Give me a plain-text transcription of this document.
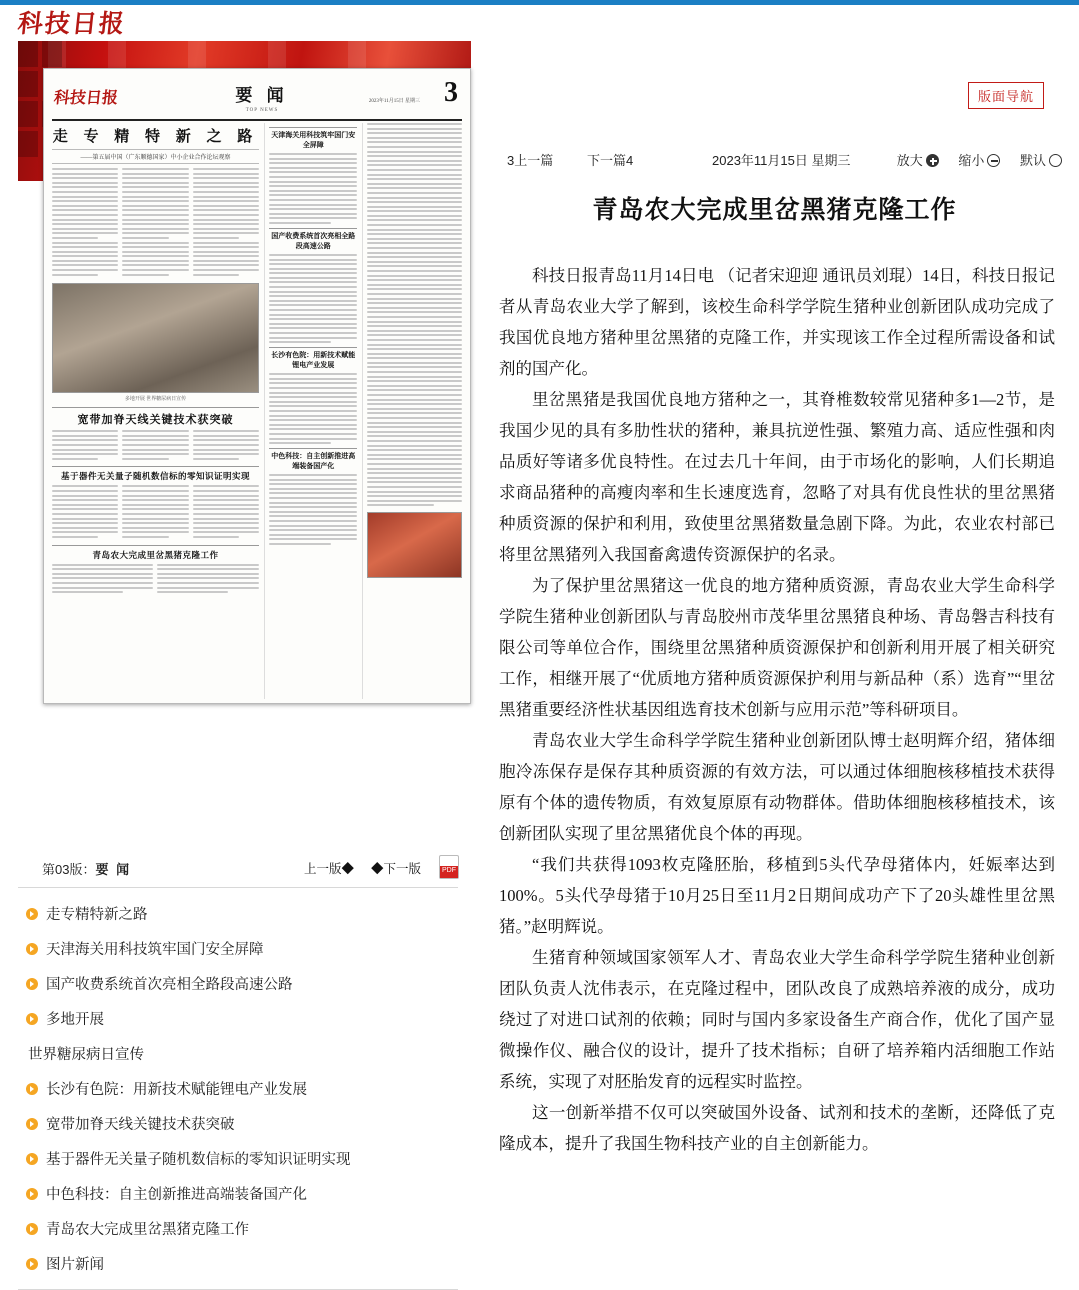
科技日报
科技日报	要 闻
TOP NEWS
2023年11月15日 星期三 3
走 专 精 特 新 之 路
——第五届中国（广东顺德国家）中小企业合作论坛观察
多地开展 世界糖尿病日宣传
宽带加脊天线关键技术获突破
基于器件无关量子随机数信标的零知识证明实现
青岛农大完成里岔黑猪克隆工作
天津海关用科技筑牢国门安全屏障
国产收费系统首次亮相全路段高速公路
长沙有色院：用新技术赋能锂电产业发展
中色科技：自主创新推进高端装备国产化
第03版：要 闻	上一版◆ ◆下一版
PDF
走专精特新之路
天津海关用科技筑牢国门安全屏障
国产收费系统首次亮相全路段高速公路
多地开展
世界糖尿病日宣传
长沙有色院：用新技术赋能锂电产业发展
宽带加脊天线关键技术获突破
基于器件无关量子随机数信标的零知识证明实现
中色科技：自主创新推进高端装备国产化
青岛农大完成里岔黑猪克隆工作
图片新闻
版面导航
3上一篇	下一篇4	2023年11月15日 星期三	放大	缩小	默认
青岛农大完成里岔黑猪克隆工作

科技日报青岛11月14日电 （记者宋迎迎 通讯员刘琨）14日，科技日报记者从青岛农业大学了解到，该校生命科学学院生猪种业创新团队成功完成了我国优良地方猪种里岔黑猪的克隆工作，并实现该工作全过程所需设备和试剂的国产化。

里岔黑猪是我国优良地方猪种之一，其脊椎数较常见猪种多1—2节，是我国少见的具有多肋性状的猪种，兼具抗逆性强、繁殖力高、适应性强和肉品质好等诸多优良特性。在过去几十年间，由于市场化的影响，人们长期追求商品猪种的高瘦肉率和生长速度选育，忽略了对具有优良性状的里岔黑猪种质资源的保护和利用，致使里岔黑猪数量急剧下降。为此，农业农村部已将里岔黑猪列入我国畜禽遗传资源保护的名录。

为了保护里岔黑猪这一优良的地方猪种质资源，青岛农业大学生命科学学院生猪种业创新团队与青岛胶州市茂华里岔黑猪良种场、青岛磐吉科技有限公司等单位合作，围绕里岔黑猪种质资源保护和创新利用开展了相关研究工作，相继开展了“优质地方猪种质资源保护利用与新品种（系）选育”“里岔黑猪重要经济性状基因组选育技术创新与应用示范”等科研项目。

青岛农业大学生命科学学院生猪种业创新团队博士赵明辉介绍，猪体细胞冷冻保存是保存其种质资源的有效方法，可以通过体细胞核移植技术获得原有个体的遗传物质，有效复原原有动物群体。借助体细胞核移植技术，该创新团队实现了里岔黑猪优良个体的再现。

“我们共获得1093枚克隆胚胎，移植到5头代孕母猪体内，妊娠率达到100%。5头代孕母猪于10月25日至11月2日期间成功产下了20头雄性里岔黑猪。”赵明辉说。

生猪育种领域国家领军人才、青岛农业大学生命科学学院生猪种业创新团队负责人沈伟表示，在克隆过程中，团队改良了成熟培养液的成分，成功绕过了对进口试剂的依赖；同时与国内多家设备生产商合作，优化了国产显微操作仪、融合仪的设计，提升了技术指标；自研了培养箱内活细胞工作站系统，实现了对胚胎发育的远程实时监控。

这一创新举措不仅可以突破国外设备、试剂和技术的垄断，还降低了克隆成本，提升了我国生物科技产业的自主创新能力。
